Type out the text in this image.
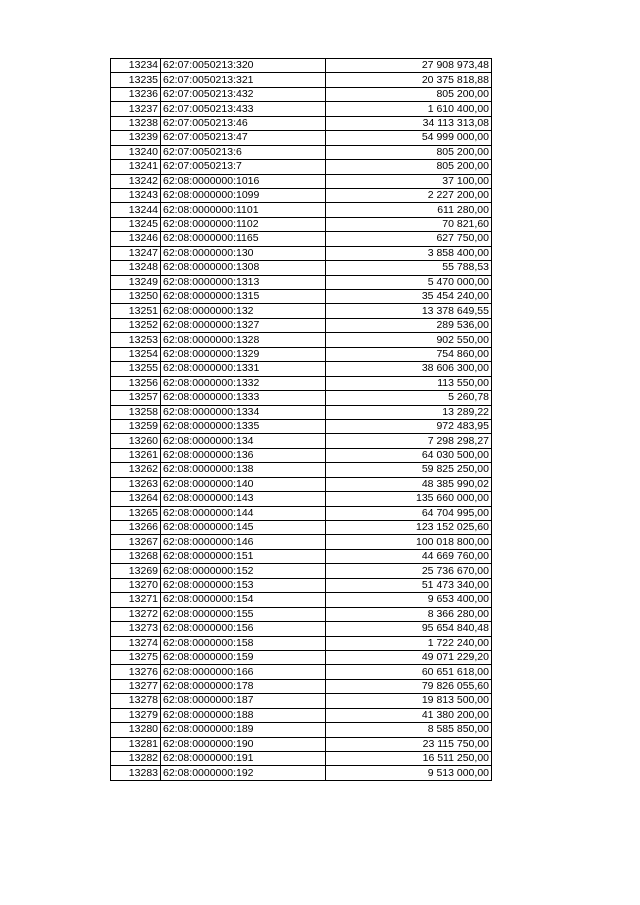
13234	62:07:0050213:320	27 908 973,48
13235	62:07:0050213:321	20 375 818,88
13236	62:07:0050213:432	805 200,00
13237	62:07:0050213:433	1 610 400,00
13238	62:07:0050213:46	34 113 313,08
13239	62:07:0050213:47	54 999 000,00
13240	62:07:0050213:6	805 200,00
13241	62:07:0050213:7	805 200,00
13242	62:08:0000000:1016	37 100,00
13243	62:08:0000000:1099	2 227 200,00
13244	62:08:0000000:1101	611 280,00
13245	62:08:0000000:1102	70 821,60
13246	62:08:0000000:1165	627 750,00
13247	62:08:0000000:130	3 858 400,00
13248	62:08:0000000:1308	55 788,53
13249	62:08:0000000:1313	5 470 000,00
13250	62:08:0000000:1315	35 454 240,00
13251	62:08:0000000:132	13 378 649,55
13252	62:08:0000000:1327	289 536,00
13253	62:08:0000000:1328	902 550,00
13254	62:08:0000000:1329	754 860,00
13255	62:08:0000000:1331	38 606 300,00
13256	62:08:0000000:1332	113 550,00
13257	62:08:0000000:1333	5 260,78
13258	62:08:0000000:1334	13 289,22
13259	62:08:0000000:1335	972 483,95
13260	62:08:0000000:134	7 298 298,27
13261	62:08:0000000:136	64 030 500,00
13262	62:08:0000000:138	59 825 250,00
13263	62:08:0000000:140	48 385 990,02
13264	62:08:0000000:143	135 660 000,00
13265	62:08:0000000:144	64 704 995,00
13266	62:08:0000000:145	123 152 025,60
13267	62:08:0000000:146	100 018 800,00
13268	62:08:0000000:151	44 669 760,00
13269	62:08:0000000:152	25 736 670,00
13270	62:08:0000000:153	51 473 340,00
13271	62:08:0000000:154	9 653 400,00
13272	62:08:0000000:155	8 366 280,00
13273	62:08:0000000:156	95 654 840,48
13274	62:08:0000000:158	1 722 240,00
13275	62:08:0000000:159	49 071 229,20
13276	62:08:0000000:166	60 651 618,00
13277	62:08:0000000:178	79 826 055,60
13278	62:08:0000000:187	19 813 500,00
13279	62:08:0000000:188	41 380 200,00
13280	62:08:0000000:189	8 585 850,00
13281	62:08:0000000:190	23 115 750,00
13282	62:08:0000000:191	16 511 250,00
13283	62:08:0000000:192	9 513 000,00
